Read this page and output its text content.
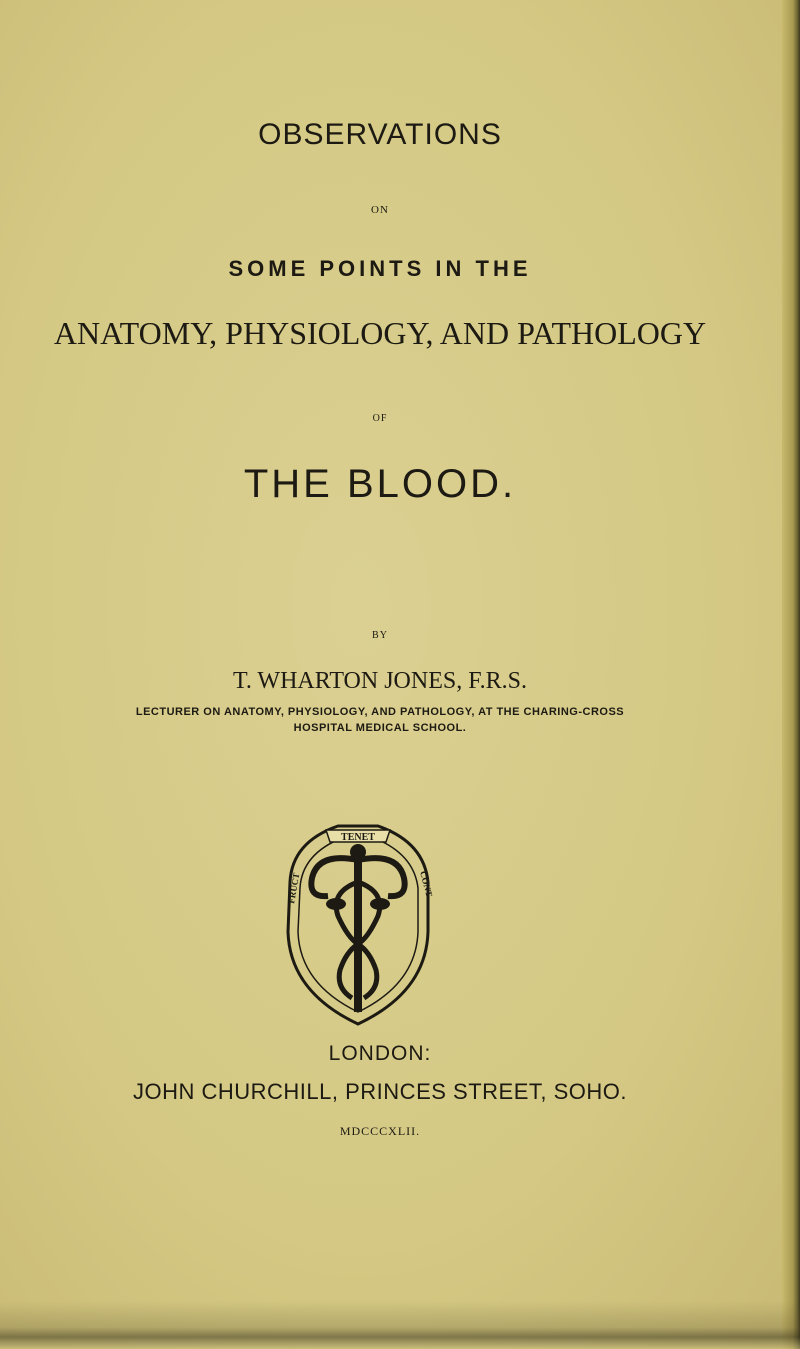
OBSERVATIONS
ON
SOME POINTS IN THE
ANATOMY, PHYSIOLOGY, AND PATHOLOGY
OF
THE BLOOD.
BY
T. WHARTON JONES, F.R.S.
LECTURER ON ANATOMY, PHYSIOLOGY, AND PATHOLOGY, AT THE CHARING-CROSS
HOSPITAL MEDICAL SCHOOL.
TENET
FRUCT	CONT
LONDON:
JOHN CHURCHILL, PRINCES STREET, SOHO.
MDCCCXLII.
